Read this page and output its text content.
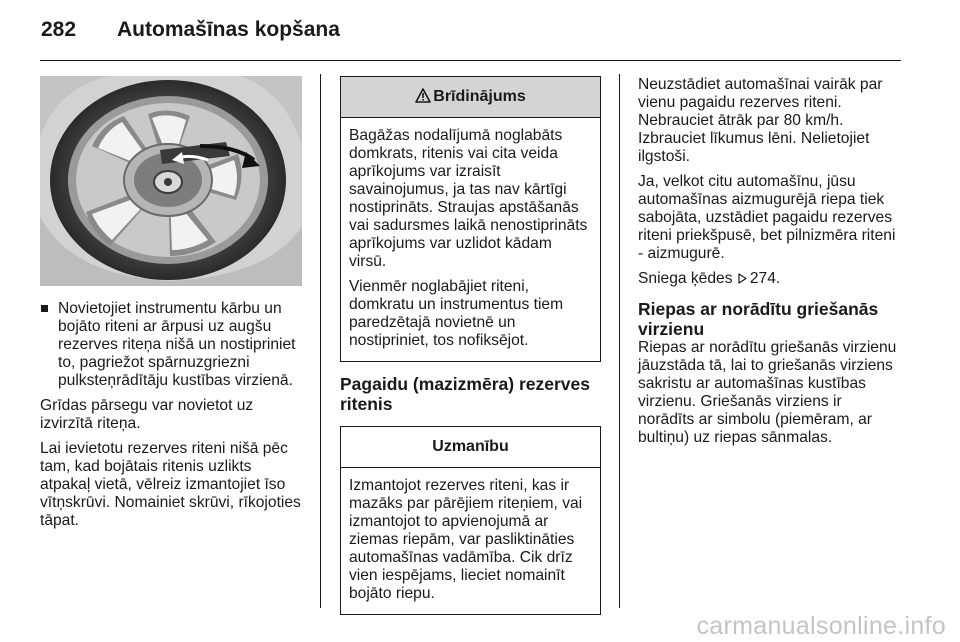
282 Automašīnas kopšana
Novietojiet instrumentu kārbu un bojāto riteni ar ārpusi uz augšu rezerves riteņa nišā un nostipriniet to, pagriežot spārnuzgriezni pulksteņrādītāju kustības virzienā.

Grīdas pārsegu var novietot uz izvirzītā riteņa.

Lai ievietotu rezerves riteni nišā pēc tam, kad bojātais ritenis uzlikts atpakaļ vietā, vēlreiz izmantojiet īso vītņskrūvi. Nomainiet skrūvi, rīkojoties tāpat.

Brīdinājums

Bagāžas nodalījumā noglabāts domkrats, ritenis vai cita veida aprīkojums var izraisīt savainojumus, ja tas nav kārtīgi nostiprināts. Straujas apstāšanās vai sadursmes laikā nenostiprināts aprīkojums var uzlidot kādam virsū.

Vienmēr noglabājiet riteni, domkratu un instrumentus tiem paredzētajā novietnē un nostipriniet, tos nofiksējot.

Pagaidu (mazizmēra) rezerves ritenis
Uzmanību

Izmantojot rezerves riteni, kas ir mazāks par pārējiem riteņiem, vai izmantojot to apvienojumā ar ziemas riepām, var pasliktināties automašīnas vadāmība. Cik drīz vien iespējams, lieciet nomainīt bojāto riepu.

Neuzstādiet automašīnai vairāk par vienu pagaidu rezerves riteni. Nebrauciet ātrāk par 80 km/h. Izbrauciet līkumus lēni. Nelietojiet ilgstoši.

Ja, velkot citu automašīnu, jūsu automašīnas aizmugurējā riepa tiek sabojāta, uzstādiet pagaidu rezerves riteni priekšpusē, bet pilnizmēra riteni - aizmugurē.

Sniega ķēdes 274.

Riepas ar norādītu griešanās virzienu

Riepas ar norādītu griešanās virzienu jāuzstāda tā, lai to griešanās virziens sakristu ar automašīnas kustības virzienu. Griešanās virziens ir norādīts ar simbolu (piemēram, ar bultiņu) uz riepas sānmalas.

carmanualsonline.info
